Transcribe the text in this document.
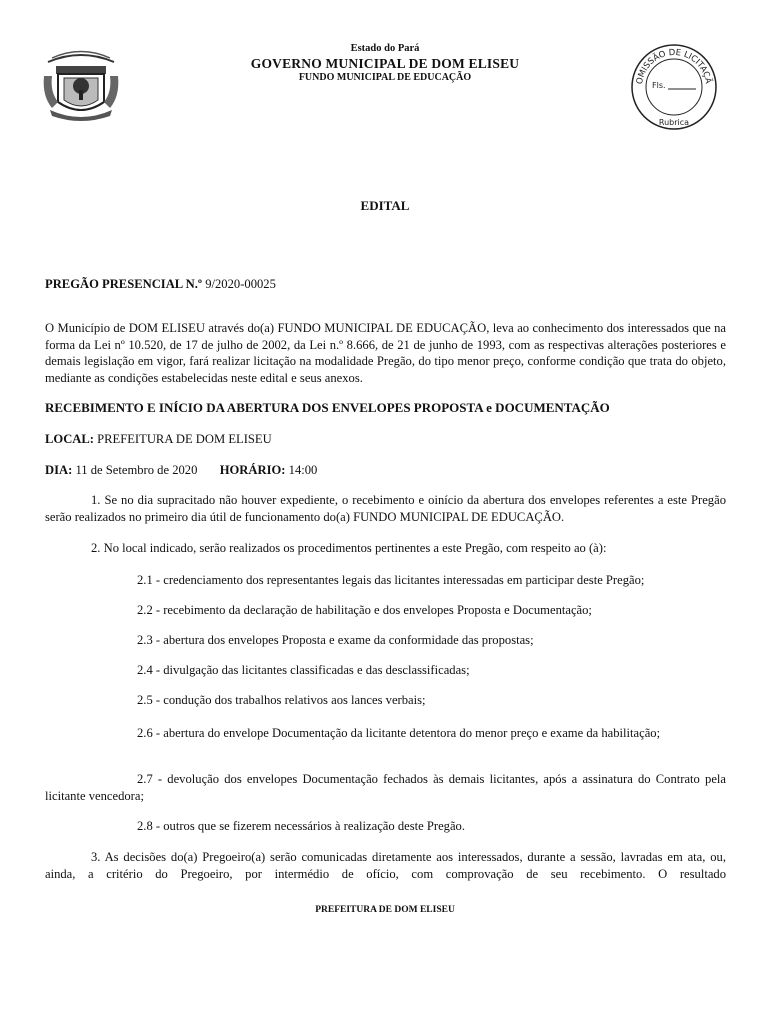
Estado do Pará
GOVERNO MUNICIPAL DE DOM ELISEU
FUNDO MUNICIPAL DE EDUCAÇÃO	OMISSÃO DE LICITAÇÃ
Fls.
Rubrica
EDITAL
PREGÃO PRESENCIAL N.º 9/2020-00025
O Município de DOM ELISEU através do(a) FUNDO MUNICIPAL DE EDUCAÇÃO, leva ao conhecimento dos interessados que na forma da Lei nº 10.520, de 17 de julho de 2002, da Lei n.º 8.666, de 21 de junho de 1993, com as respectivas alterações posteriores e demais legislação em vigor, fará realizar licitação na modalidade Pregão, do tipo menor preço, conforme condição que trata do objeto, mediante as condições estabelecidas neste edital e seus anexos.
RECEBIMENTO E INÍCIO DA ABERTURA DOS ENVELOPES PROPOSTA e DOCUMENTAÇÃO
LOCAL: PREFEITURA DE DOM ELISEU
DIA: 11 de Setembro de 2020 HORÁRIO: 14:00
1. Se no dia supracitado não houver expediente, o recebimento e oinício da abertura dos envelopes referentes a este Pregão serão realizados no primeiro dia útil de funcionamento do(a) FUNDO MUNICIPAL DE EDUCAÇÃO.
2. No local indicado, serão realizados os procedimentos pertinentes a este Pregão, com respeito ao (à):
2.1 - credenciamento dos representantes legais das licitantes interessadas em participar deste Pregão;
2.2 - recebimento da declaração de habilitação e dos envelopes Proposta e Documentação;
2.3 - abertura dos envelopes Proposta e exame da conformidade das propostas;
2.4 - divulgação das licitantes classificadas e das desclassificadas;
2.5 - condução dos trabalhos relativos aos lances verbais;
2.6 - abertura do envelope Documentação da licitante detentora do menor preço e exame da habilitação;
2.7 - devolução dos envelopes Documentação fechados às demais licitantes, após a assinatura do Contrato pela licitante vencedora;
2.8 - outros que se fizerem necessários à realização deste Pregão.
3. As decisões do(a) Pregoeiro(a) serão comunicadas diretamente aos interessados, durante a sessão, lavradas em ata, ou, ainda, a critério do Pregoeiro, por intermédio de ofício, com comprovação de seu recebimento. O resultado
PREFEITURA DE DOM ELISEU
